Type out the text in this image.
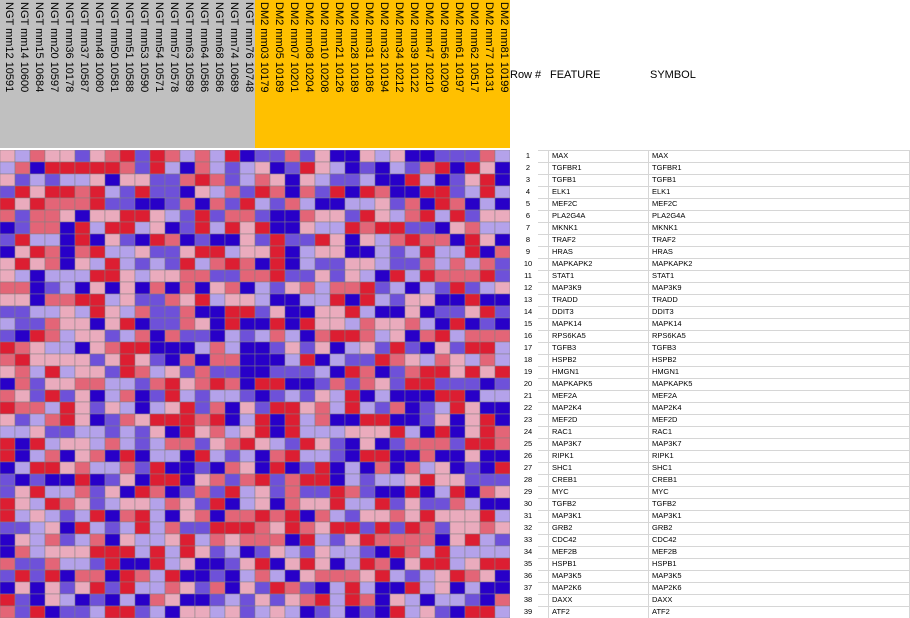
NGT mm12 10591 NGT mm14 10600 NGT mm15 10684 NGT mm20 10597 NGT mm36 10178 NGT mm37 10587 NGT mm48 10080 NGT mm50 10581 NGT mm51 10588 NGT mm53 10590 NGT mm54 10571 NGT mm57 10578 NGT mm63 10589 NGT mm64 10586 NGT mm68 10586 NGT mm74 10689 NGT mm76 10748 DM2 mm03 10179 DM2 mm05 10189 DM2 mm07 10201 DM2 mm08 10204 DM2 mm10 10208 DM2 mm21 10126 DM2 mm28 10189 DM2 mm31 10186 DM2 mm32 10194 DM2 mm34 10212 DM2 mm39 10122 DM2 mm47 10210 DM2 mm56 10209 DM2 mm61 10197 DM2 mm62 10517 DM2 mm77 10131 DM2 mm81 10199 Row # FEATURE	SYMBOL
1	MAX	MAX
2	TGFBR1	TGFBR1
3	TGFB1	TGFB1
4	ELK1	ELK1
5	MEF2C	MEF2C
6	PLA2G4A	PLA2G4A
7	MKNK1	MKNK1
8	TRAF2	TRAF2
9	HRAS	HRAS
10	MAPKAPK2	MAPKAPK2
11	STAT1	STAT1
12	MAP3K9	MAP3K9
13	TRADD	TRADD
14	DDIT3	DDIT3
15	MAPK14	MAPK14
16	RPS6KA5	RPS6KA5
17	TGFB3	TGFB3
18	HSPB2	HSPB2
19	HMGN1	HMGN1
20	MAPKAPK5	MAPKAPK5
21	MEF2A	MEF2A
22	MAP2K4	MAP2K4
23	MEF2D	MEF2D
24	RAC1	RAC1
25	MAP3K7	MAP3K7
26	RIPK1	RIPK1
27	SHC1	SHC1
28	CREB1	CREB1
29	MYC	MYC
30	TGFB2	TGFB2
31	MAP3K1	MAP3K1
32	GRB2	GRB2
33	CDC42	CDC42
34	MEF2B	MEF2B
35	HSPB1	HSPB1
36	MAP3K5	MAP3K5
37	MAP2K6	MAP2K6
38	DAXX	DAXX
39	ATF2	ATF2
